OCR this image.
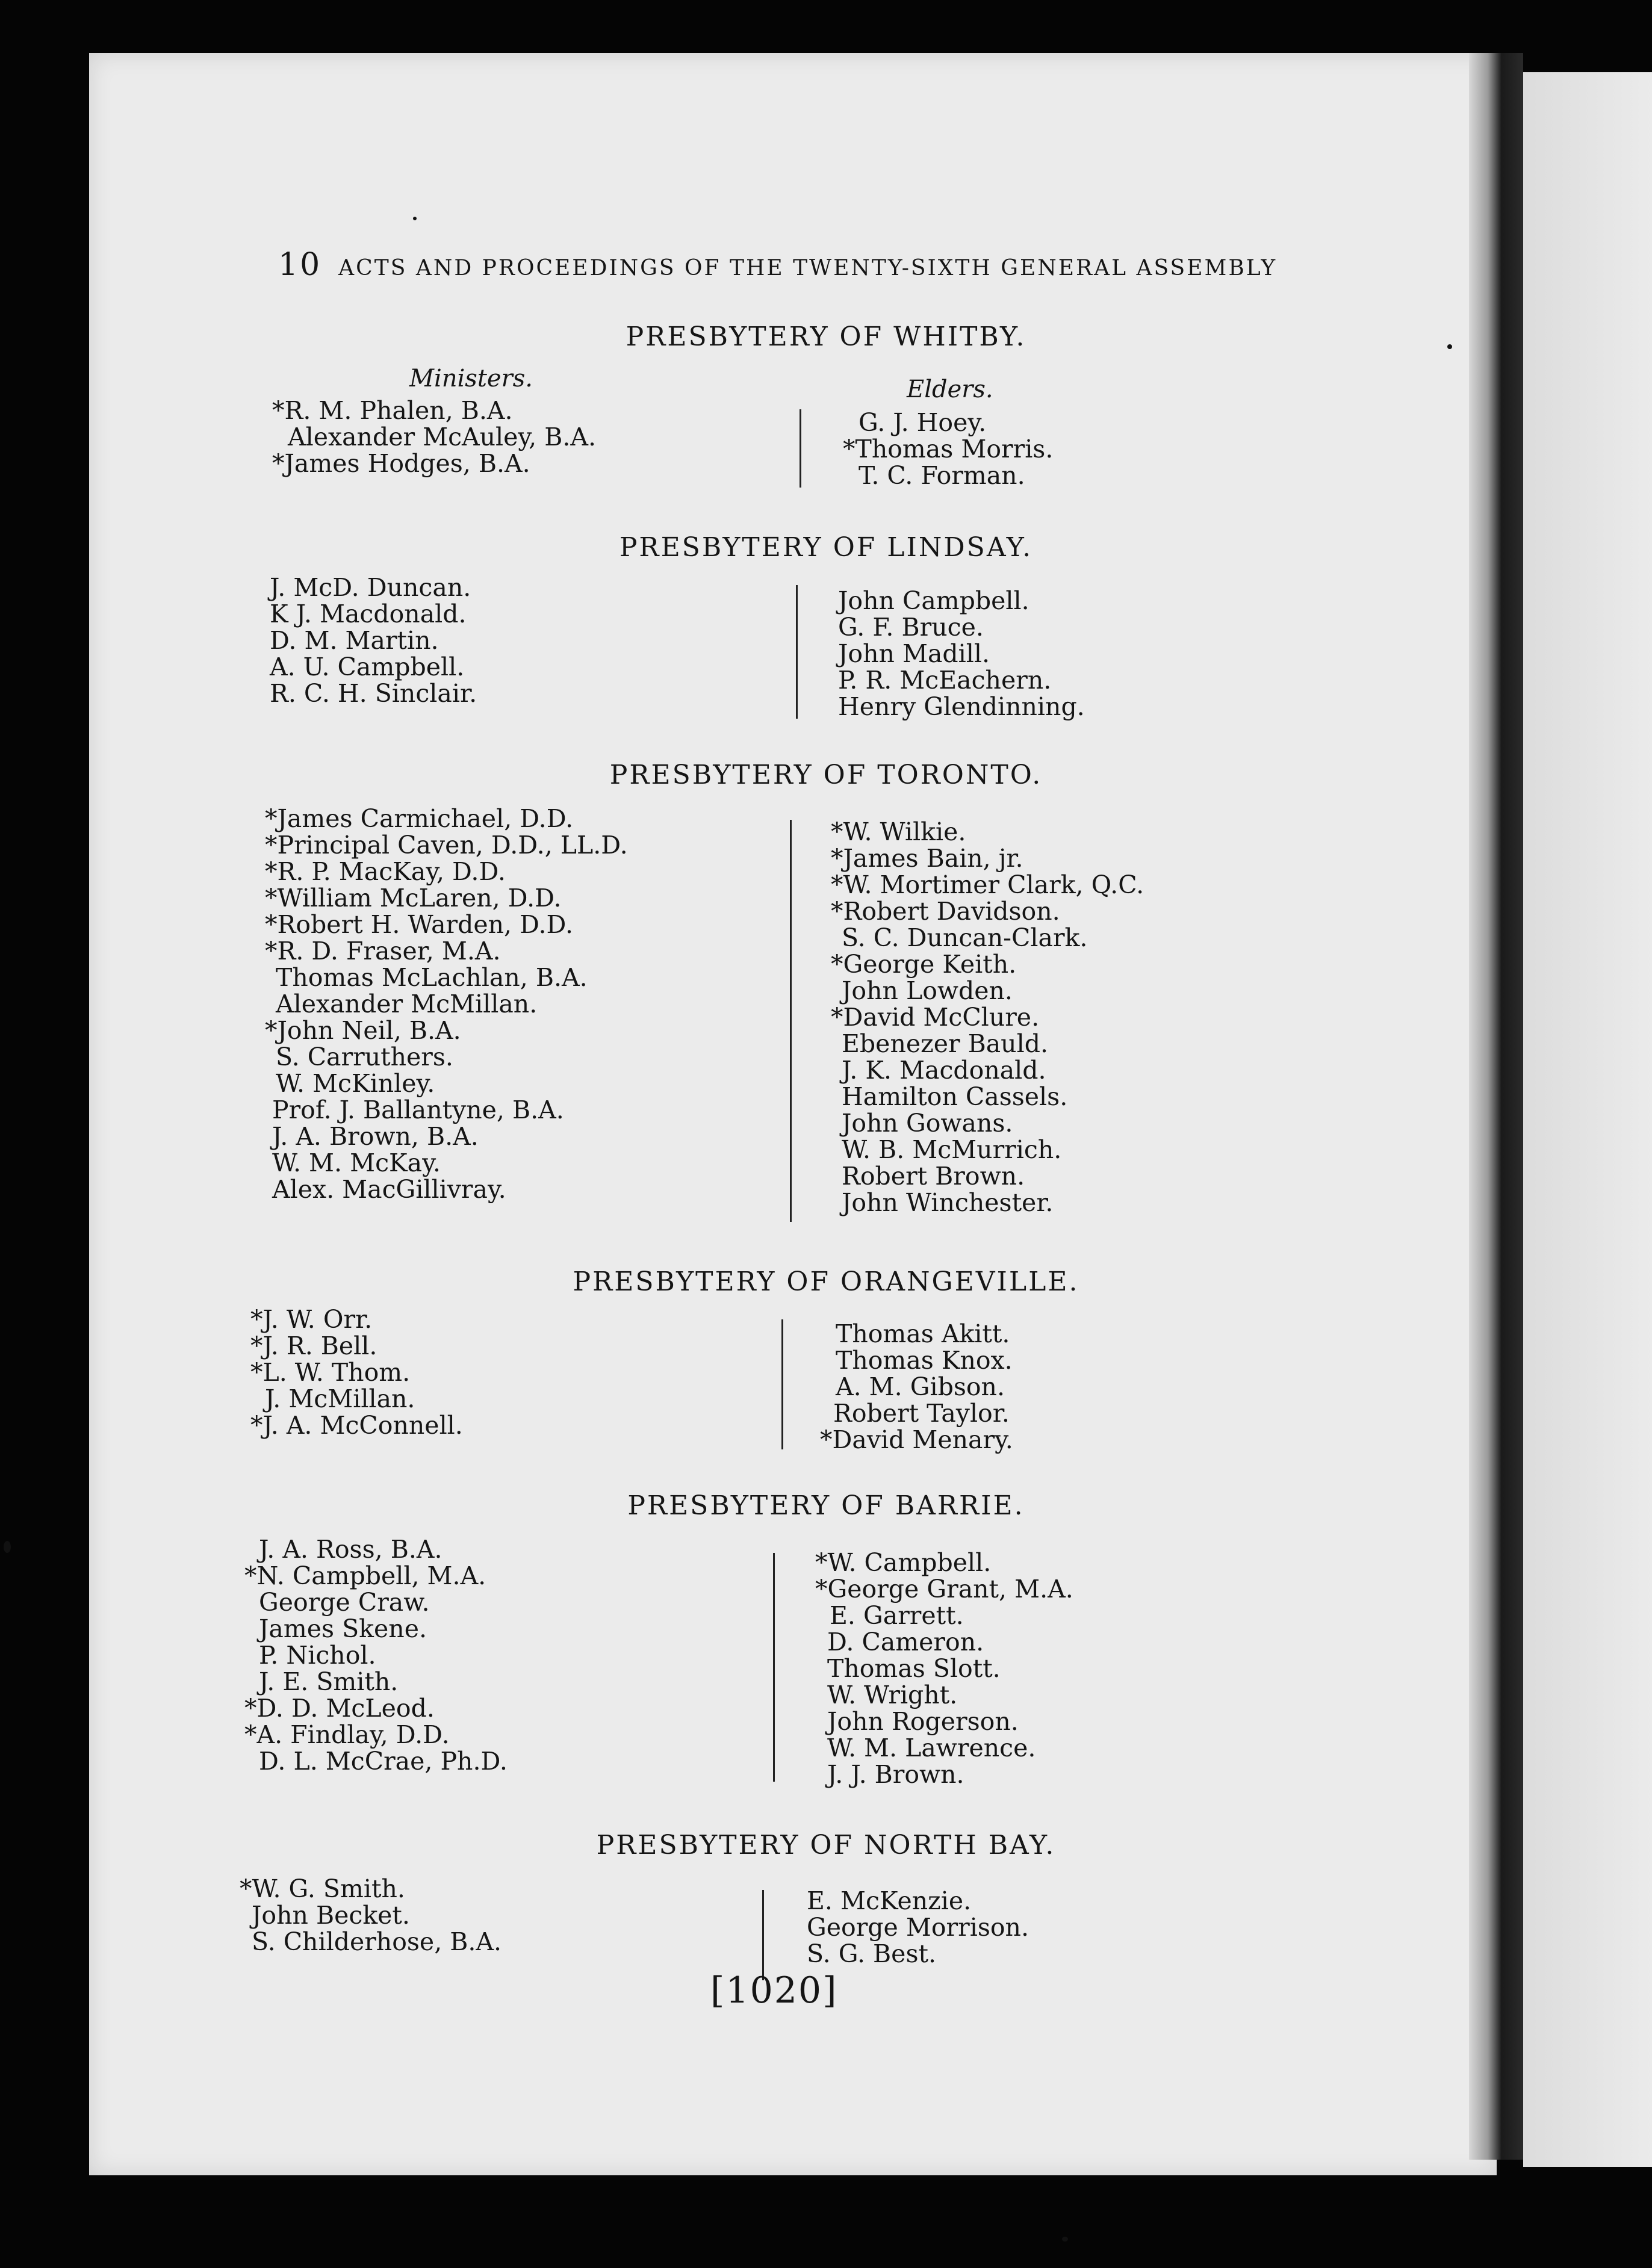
10 ACTS AND PROCEEDINGS OF THE TWENTY-SIXTH GENERAL ASSEMBLY
PRESBYTERY OF WHITBY.
Ministers.	Elders.
*R. M. Phalen, B.A.
Alexander McAuley, B.A.
*James Hodges, B.A.
G. J. Hoey.
*Thomas Morris.
T. C. Forman.
PRESBYTERY OF LINDSAY.
J. McD. Duncan.
K J. Macdonald.
D. M. Martin.
A. U. Campbell.
R. C. H. Sinclair.
John Campbell.
G. F. Bruce.
John Madill.
P. R. McEachern.
Henry Glendinning.
PRESBYTERY OF TORONTO.
*James Carmichael, D.D.
*Principal Caven, D.D., LL.D.
*R. P. MacKay, D.D.
*William McLaren, D.D.
*Robert H. Warden, D.D.
*R. D. Fraser, M.A.
Thomas McLachlan, B.A.
Alexander McMillan.
*John Neil, B.A.
S. Carruthers.
W. McKinley.
Prof. J. Ballantyne, B.A.
J. A. Brown, B.A.
W. M. McKay.
Alex. MacGillivray.
*W. Wilkie.
*James Bain, jr.
*W. Mortimer Clark, Q.C.
*Robert Davidson.
S. C. Duncan-Clark.
*George Keith.
John Lowden.
*David McClure.
Ebenezer Bauld.
J. K. Macdonald.
Hamilton Cassels.
John Gowans.
W. B. McMurrich.
Robert Brown.
John Winchester.
PRESBYTERY OF ORANGEVILLE.
*J. W. Orr.
*J. R. Bell.
*L. W. Thom.
J. McMillan.
*J. A. McConnell.
Thomas Akitt.
Thomas Knox.
A. M. Gibson.
Robert Taylor.
*David Menary.
PRESBYTERY OF BARRIE.
J. A. Ross, B.A.
*N. Campbell, M.A.
George Craw.
James Skene.
P. Nichol.
J. E. Smith.
*D. D. McLeod.
*A. Findlay, D.D.
D. L. McCrae, Ph.D.
*W. Campbell.
*George Grant, M.A.
E. Garrett.
D. Cameron.
Thomas Slott.
W. Wright.
John Rogerson.
W. M. Lawrence.
J. J. Brown.
PRESBYTERY OF NORTH BAY.
*W. G. Smith.
John Becket.
S. Childerhose, B.A.
E. McKenzie.
George Morrison.
S. G. Best.
[1020]
